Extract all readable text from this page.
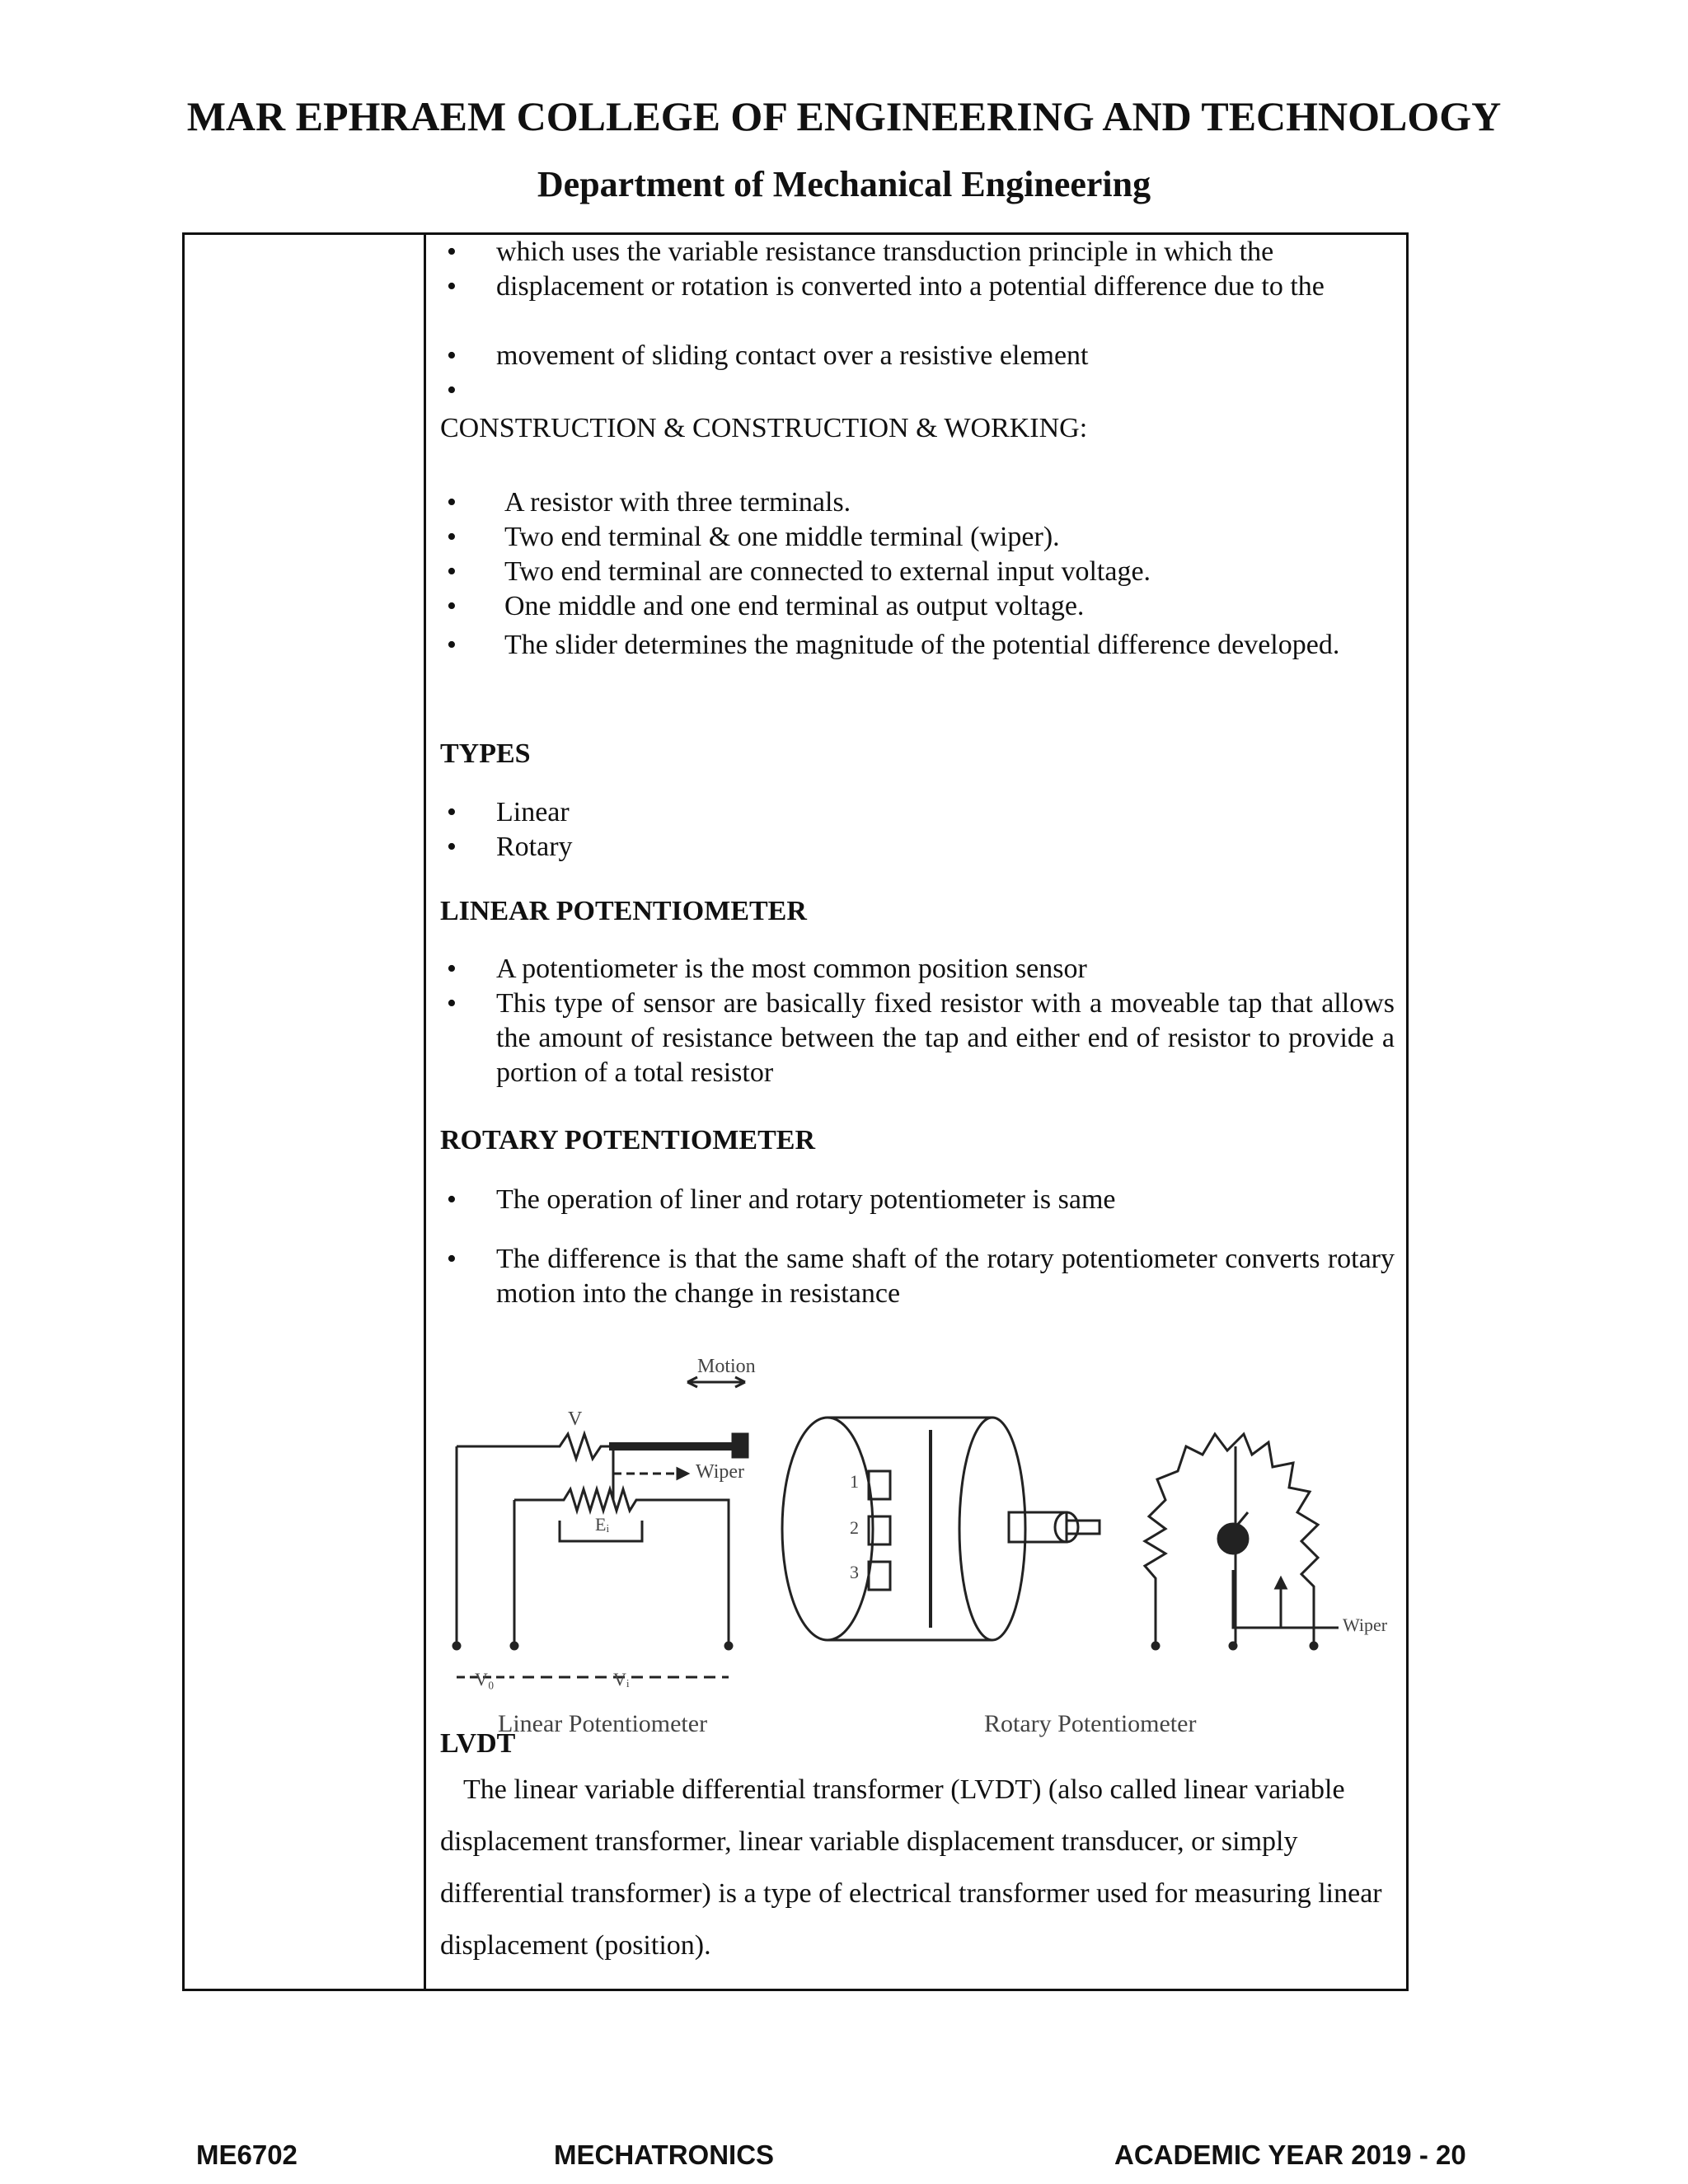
MAR EPHRAEM COLLEGE OF ENGINEERING AND TECHNOLOGY
Department of Mechanical Engineering
• which uses the variable resistance transduction principle in which the
• displacement or rotation is converted into a potential difference due to the
• movement of sliding contact over a resistive element
•
CONSTRUCTION & CONSTRUCTION & WORKING:
• A resistor with three terminals.
• Two end terminal & one middle terminal (wiper).
• Two end terminal are connected to external input voltage.
• One middle and one end terminal as output voltage.
• The slider determines the magnitude of the potential difference developed.
TYPES
• Linear
• Rotary
LINEAR POTENTIOMETER
• A potentiometer is the most common position sensor
• This type of sensor are basically fixed resistor with a moveable tap that allows the amount of resistance between the tap and either end of resistor to provide a portion of a total resistor
ROTARY POTENTIOMETER
• The operation of liner and rotary potentiometer is same
• The difference is that the same shaft of the rotary potentiometer converts rotary motion into the change in resistance
Motion
Wiper
V
Eᵢ
V₀	Vᵢ
1
2
3
Wiper
Linear Potentiometer	Rotary Potentiometer
LVDT
The linear variable differential transformer (LVDT) (also called linear variable displacement transformer, linear variable displacement transducer, or simply differential transformer) is a type of electrical transformer used for measuring linear displacement (position).
ME6702	MECHATRONICS	ACADEMIC YEAR 2019 - 20
